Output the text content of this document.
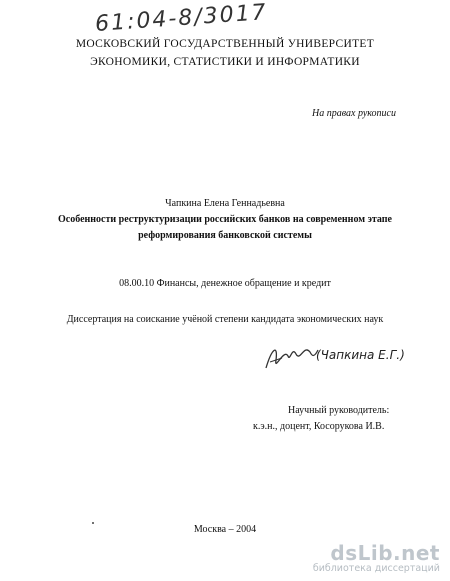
61:04-8/3017
МОСКОВСКИЙ ГОСУДАРСТВЕННЫЙ УНИВЕРСИТЕТ
ЭКОНОМИКИ, СТАТИСТИКИ И ИНФОРМАТИКИ
На правах рукописи
Чапкина Елена Геннадьевна
Особенности реструктуризации российских банков на современном этапе
реформирования банковской системы
08.00.10 Финансы, денежное обращение и кредит
Диссертация на соискание учёной степени кандидата экономических наук
(Чапкина Е.Г.)
Научный руководитель:
к.э.н., доцент, Косорукова И.В.
Москва – 2004
dsLib.net
библиотека диссертаций
